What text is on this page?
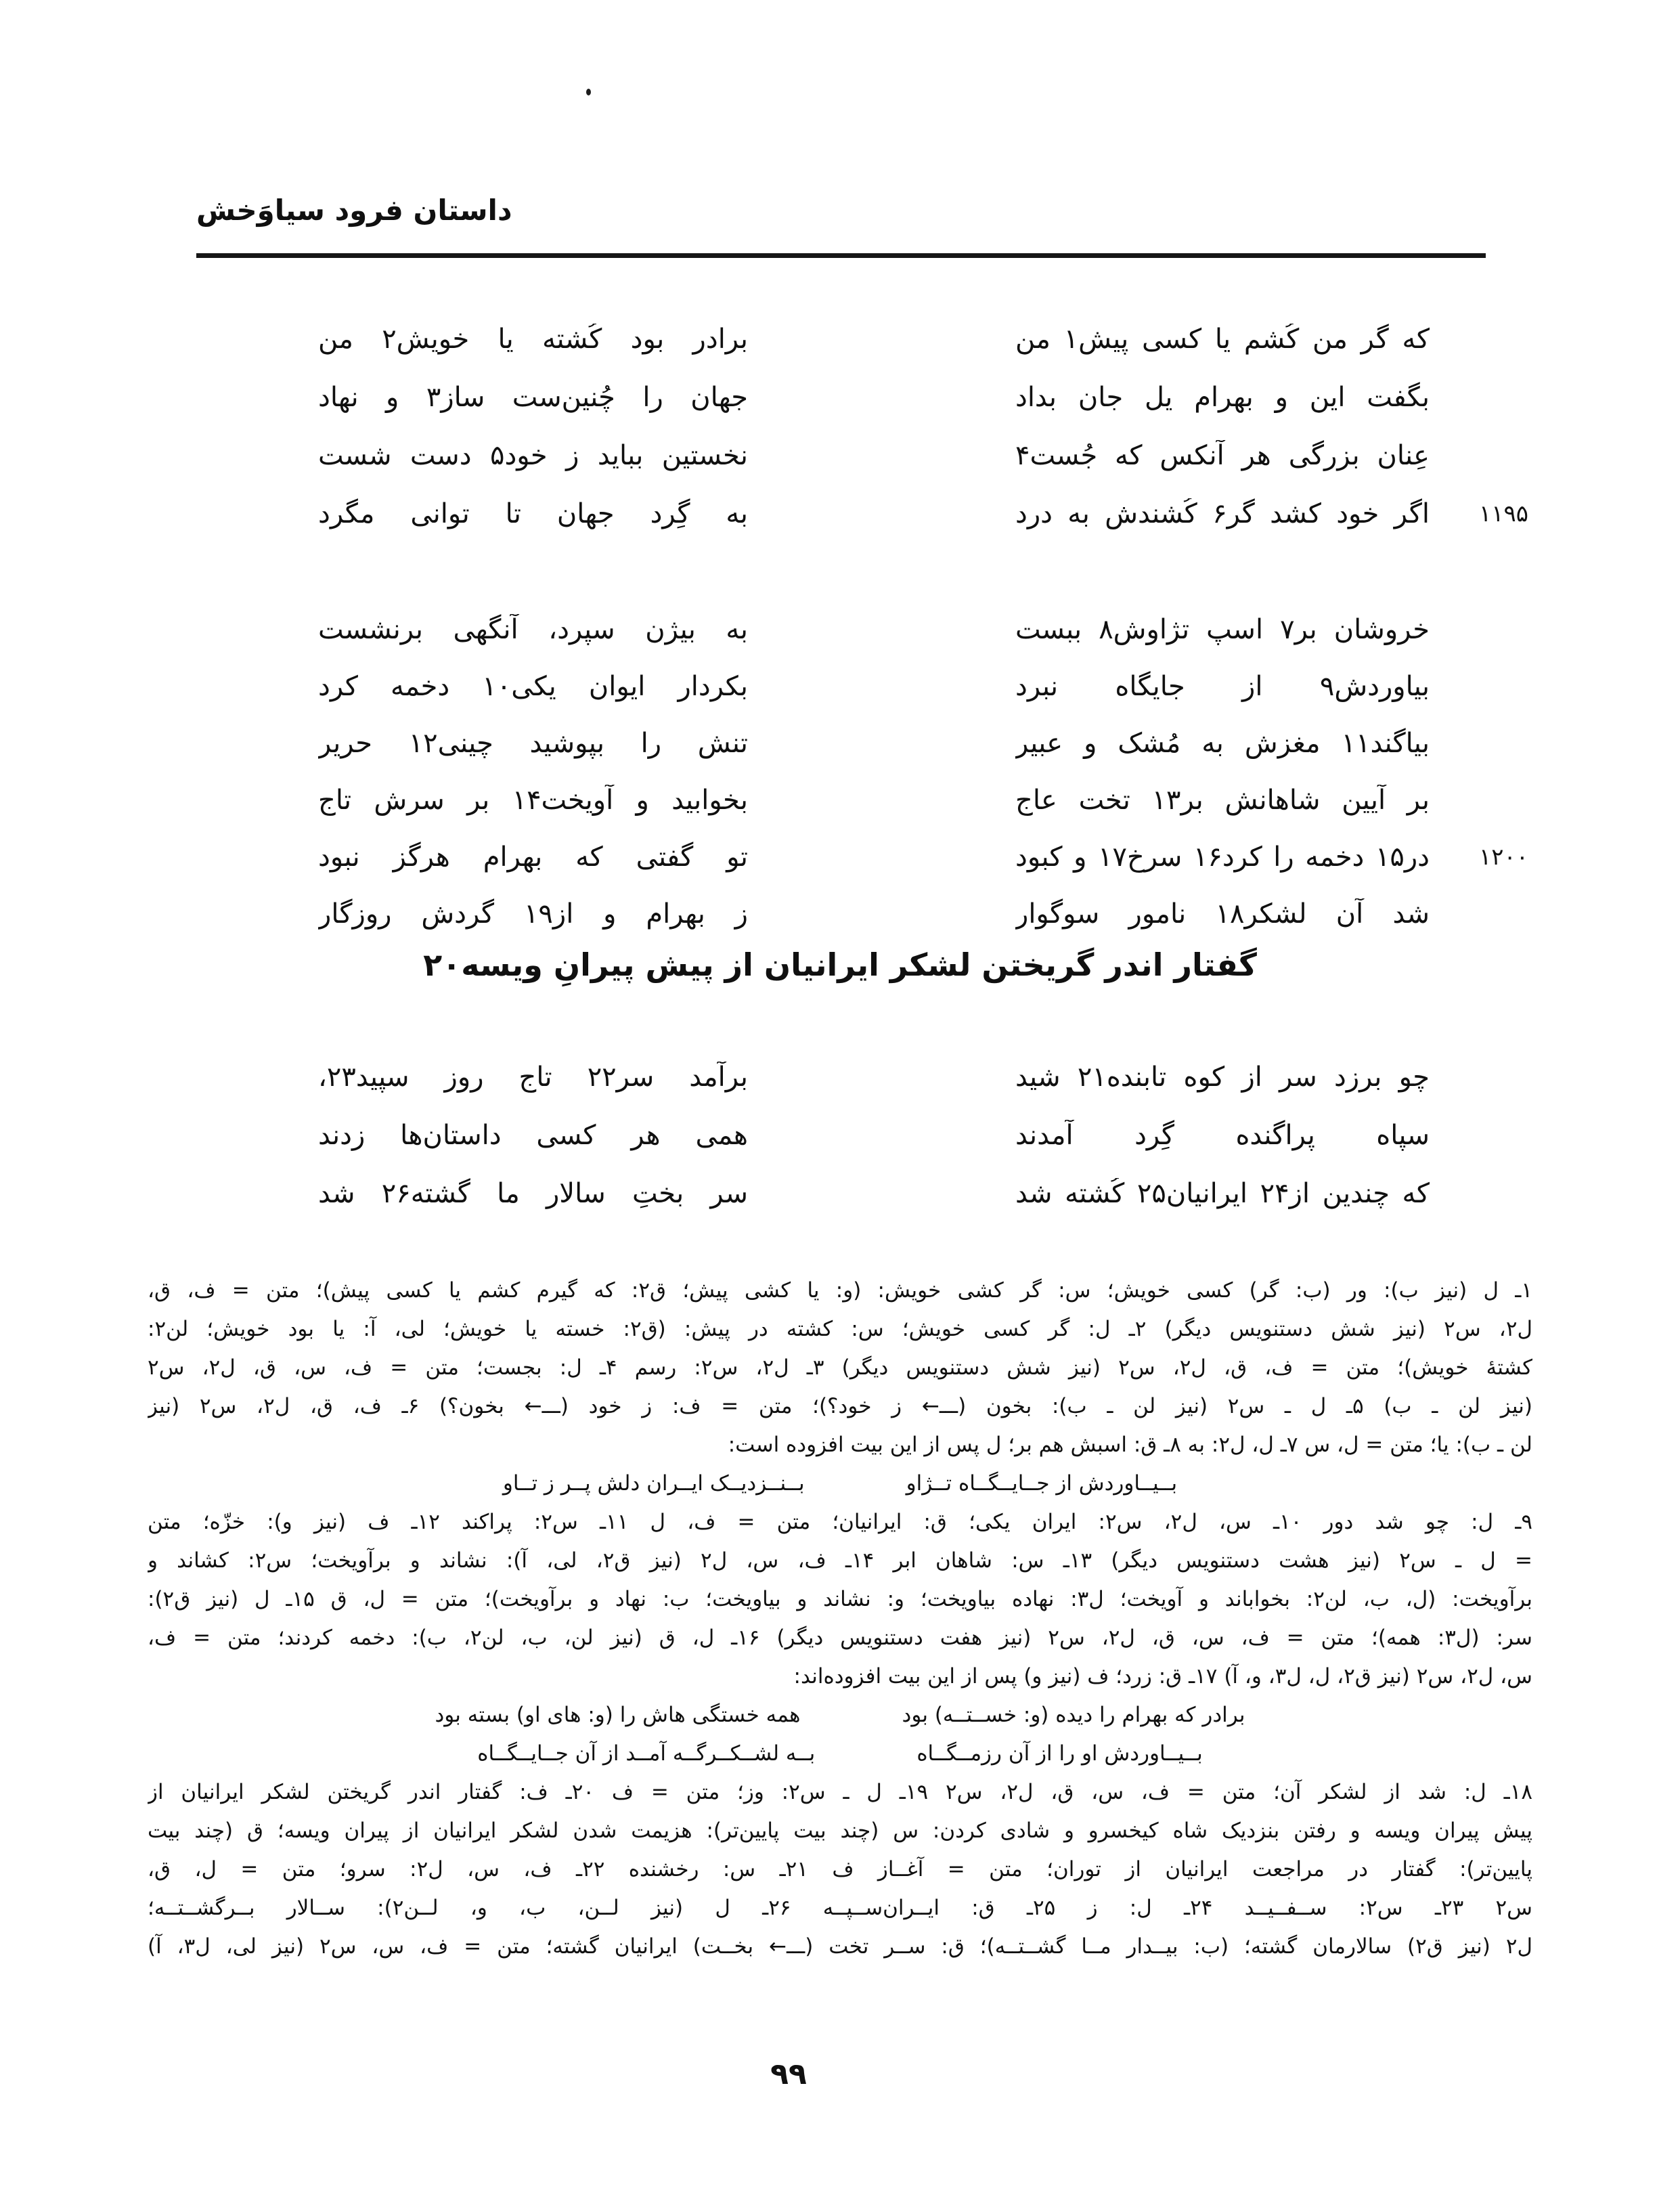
داستان فرود سیاوَخش
که گر من کُشم یا کسی پیش۱ من
برادر بود کُشته یا خویش۲ من
بگفت این و بهرام یل جان بداد
جهان را چُنین‌ست ساز۳ و نهاد
عِنان بزرگی هر آنکس که جُست۴
نخستین بباید ز خود۵ دست شست
۱۱۹۵
اگر خود کشد گر۶ کُشندش به درد
به گِرد جهان تا توانی مگرد
خروشان بر۷ اسپ تژاوش۸ ببست
به بیژن سپرد، آنگهی برنشست
بیاوردش۹ از جایگاه نبرد
بکردار ایوان یکی۱۰ دخمه کرد
بیاگند۱۱ مغزش به مُشک و عبیر
تنش را بپوشید چینی۱۲ حریر
بر آیین شاهانش بر۱۳ تخت عاج
بخوابید و آویخت۱۴ بر سرش تاج
۱۲۰۰
در۱۵ دخمه را کرد۱۶ سرخ۱۷ و کبود
تو گفتی که بهرام هرگز نبود
شد آن لشکر۱۸ نامور سوگوار
ز بهرام و از۱۹ گردش روزگار
گفتار اندر گریختن لشکر ایرانیان از پیش پیرانِ ویسه۲۰
چو برزد سر از کوه تابنده۲۱ شید
برآمد سرِ۲۲ تاجِ روزِ سپید۲۳،
سپاه پراگنده گِرد آمدند
همی هر کسی داستان‌ها زدند
که چندین از۲۴ ایرانیان۲۵ کُشته شد
سرِ بختِ سالارِ ما گشته۲۶ شد
۱ـ ل (نیز ب): ور (ب: گر) کسی خویش؛ س: گر کشی خویش: (و: یا کشی پیش؛ ق۲: که گیرم کشم یا کسی پیش)؛ متن = ف، ق،
ل۲، س۲ (نیز شش دستنویس دیگر) ۲ـ ل: گر کسی خویش؛ س: کشته در پیش: (ق۲: خسته یا خویش؛ لی، آ: یا بود خویش؛ لن۲:
کشتهٔ خویش)؛ متن = ف، ق، ل۲، س۲ (نیز شش دستنویس دیگر) ۳ـ ل۲، س۲: رسم ۴ـ ل: بجست؛ متن = ف، س، ق، ل۲، س۲
(نیز لن ـ ب) ۵ـ ل ـ س۲ (نیز لن ـ ب): بخون (ـــ← ز خود؟)؛ متن = ف: ز خود (ـــ← بخون؟) ۶ـ ف، ق، ل۲، س۲ (نیز
لن ـ ب): یا؛ متن = ل، س ۷ـ ل، ل۲: به ۸ـ ق: اسبش هم بر؛ ل پس از این بیت افزوده است:
بــیــاوردش از جــایــگــاه تــژاو
بــنــزدیــک ایــران دلش پــر ز تــاو
۹ـ ل: چو شد دور ۱۰ـ س، ل۲، س۲: ایران یکی؛ ق: ایرانیان؛ متن = ف، ل ۱۱ـ س۲: پراکند ۱۲ـ ف (نیز و): خزّه؛ متن
= ل ـ س۲ (نیز هشت دستنویس دیگر) ۱۳ـ س: شاهان ابر ۱۴ـ ف، س، ل۲ (نیز ق۲، لی، آ): نشاند و برآویخت؛ س۲: کشاند و
برآویخت: (ل، ب، لن۲: بخواباند و آویخت؛ ل۳: نهاده بیاویخت؛ و: نشاند و بیاویخت؛ ب: نهاد و برآویخت)؛ متن = ل، ق ۱۵ـ ل (نیز ق۲):
سر: (ل۳: همه)؛ متن = ف، س، ق، ل۲، س۲ (نیز هفت دستنویس دیگر) ۱۶ـ ل، ق (نیز لن، ب، لن۲، ب): دخمه کردند؛ متن = ف،
س، ل۲، س۲ (نیز ق۲، ل، ل۳، و، آ) ۱۷ـ ق: زرد؛ ف (نیز و) پس از این بیت افزوده‌اند:
برادر که بهرام را دیده (و: خســتــه) بود
همه خستگی هاش را (و: های او) بسته بود
بــیــاوردش او را از آن رزمــگــاه
بــه لشــکــرگــه آمــد از آن جــایــگــاه
۱۸ـ ل: شد از لشکر آن؛ متن = ف، س، ق، ل۲، س۲ ۱۹ـ ل ـ س۲: وز؛ متن = ف ۲۰ـ ف: گفتار اندر گریختن لشکر ایرانیان از
پیش پیران ویسه و رفتن بنزدیک شاه کیخسرو و شادی کردن: س (چند بیت پایین‌تر): هزیمت شدن لشکر ایرانیان از پیران ویسه؛ ق (چند بیت
پایین‌تر): گفتار در مراجعت ایرانیان از توران؛ متن = آغــاز ف ۲۱ـ س: رخشنده ۲۲ـ ف، س، ل۲: سرو؛ متن = ل، ق،
س۲ ۲۳ـ س۲: ســفــیــد ۲۴ـ ل: ز ۲۵ـ ق: ایــران‌ســپــه ۲۶ـ ل (نیز لــن، ب، و، لــن۲): ســالار بــرگشــتــه؛
ل۲ (نیز ق۲) سالارمان گشته؛ (ب: بیــدار مــا گشــتــه)؛ ق: ســر تخت (ـــ← بخــت) ایرانیان گشته؛ متن = ف، س، س۲ (نیز لی، ل۳، آ)
۹۹
